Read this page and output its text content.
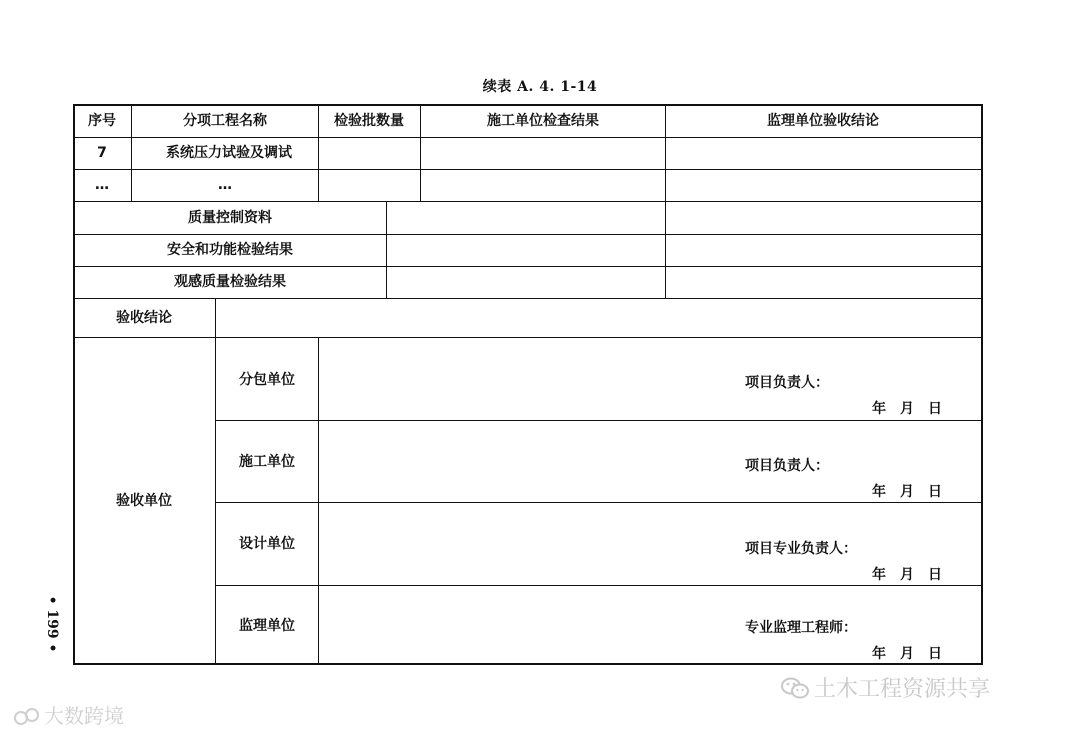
续表 A. 4. 1-14
序号	分项工程名称	检验批数量	施工单位检查结果	监理单位验收结论
7	系统压力试验及调试
…	…
质量控制资料
安全和功能检验结果
观感质量检验结果
验收结论
验收单位
分包单位	项目负责人：
年　月　日
施工单位	项目负责人：
年　月　日
设计单位	项目专业负责人：
年　月　日
监理单位	专业监理工程师：
年　月　日
• 199 •
大数跨境
土木工程资源共享
